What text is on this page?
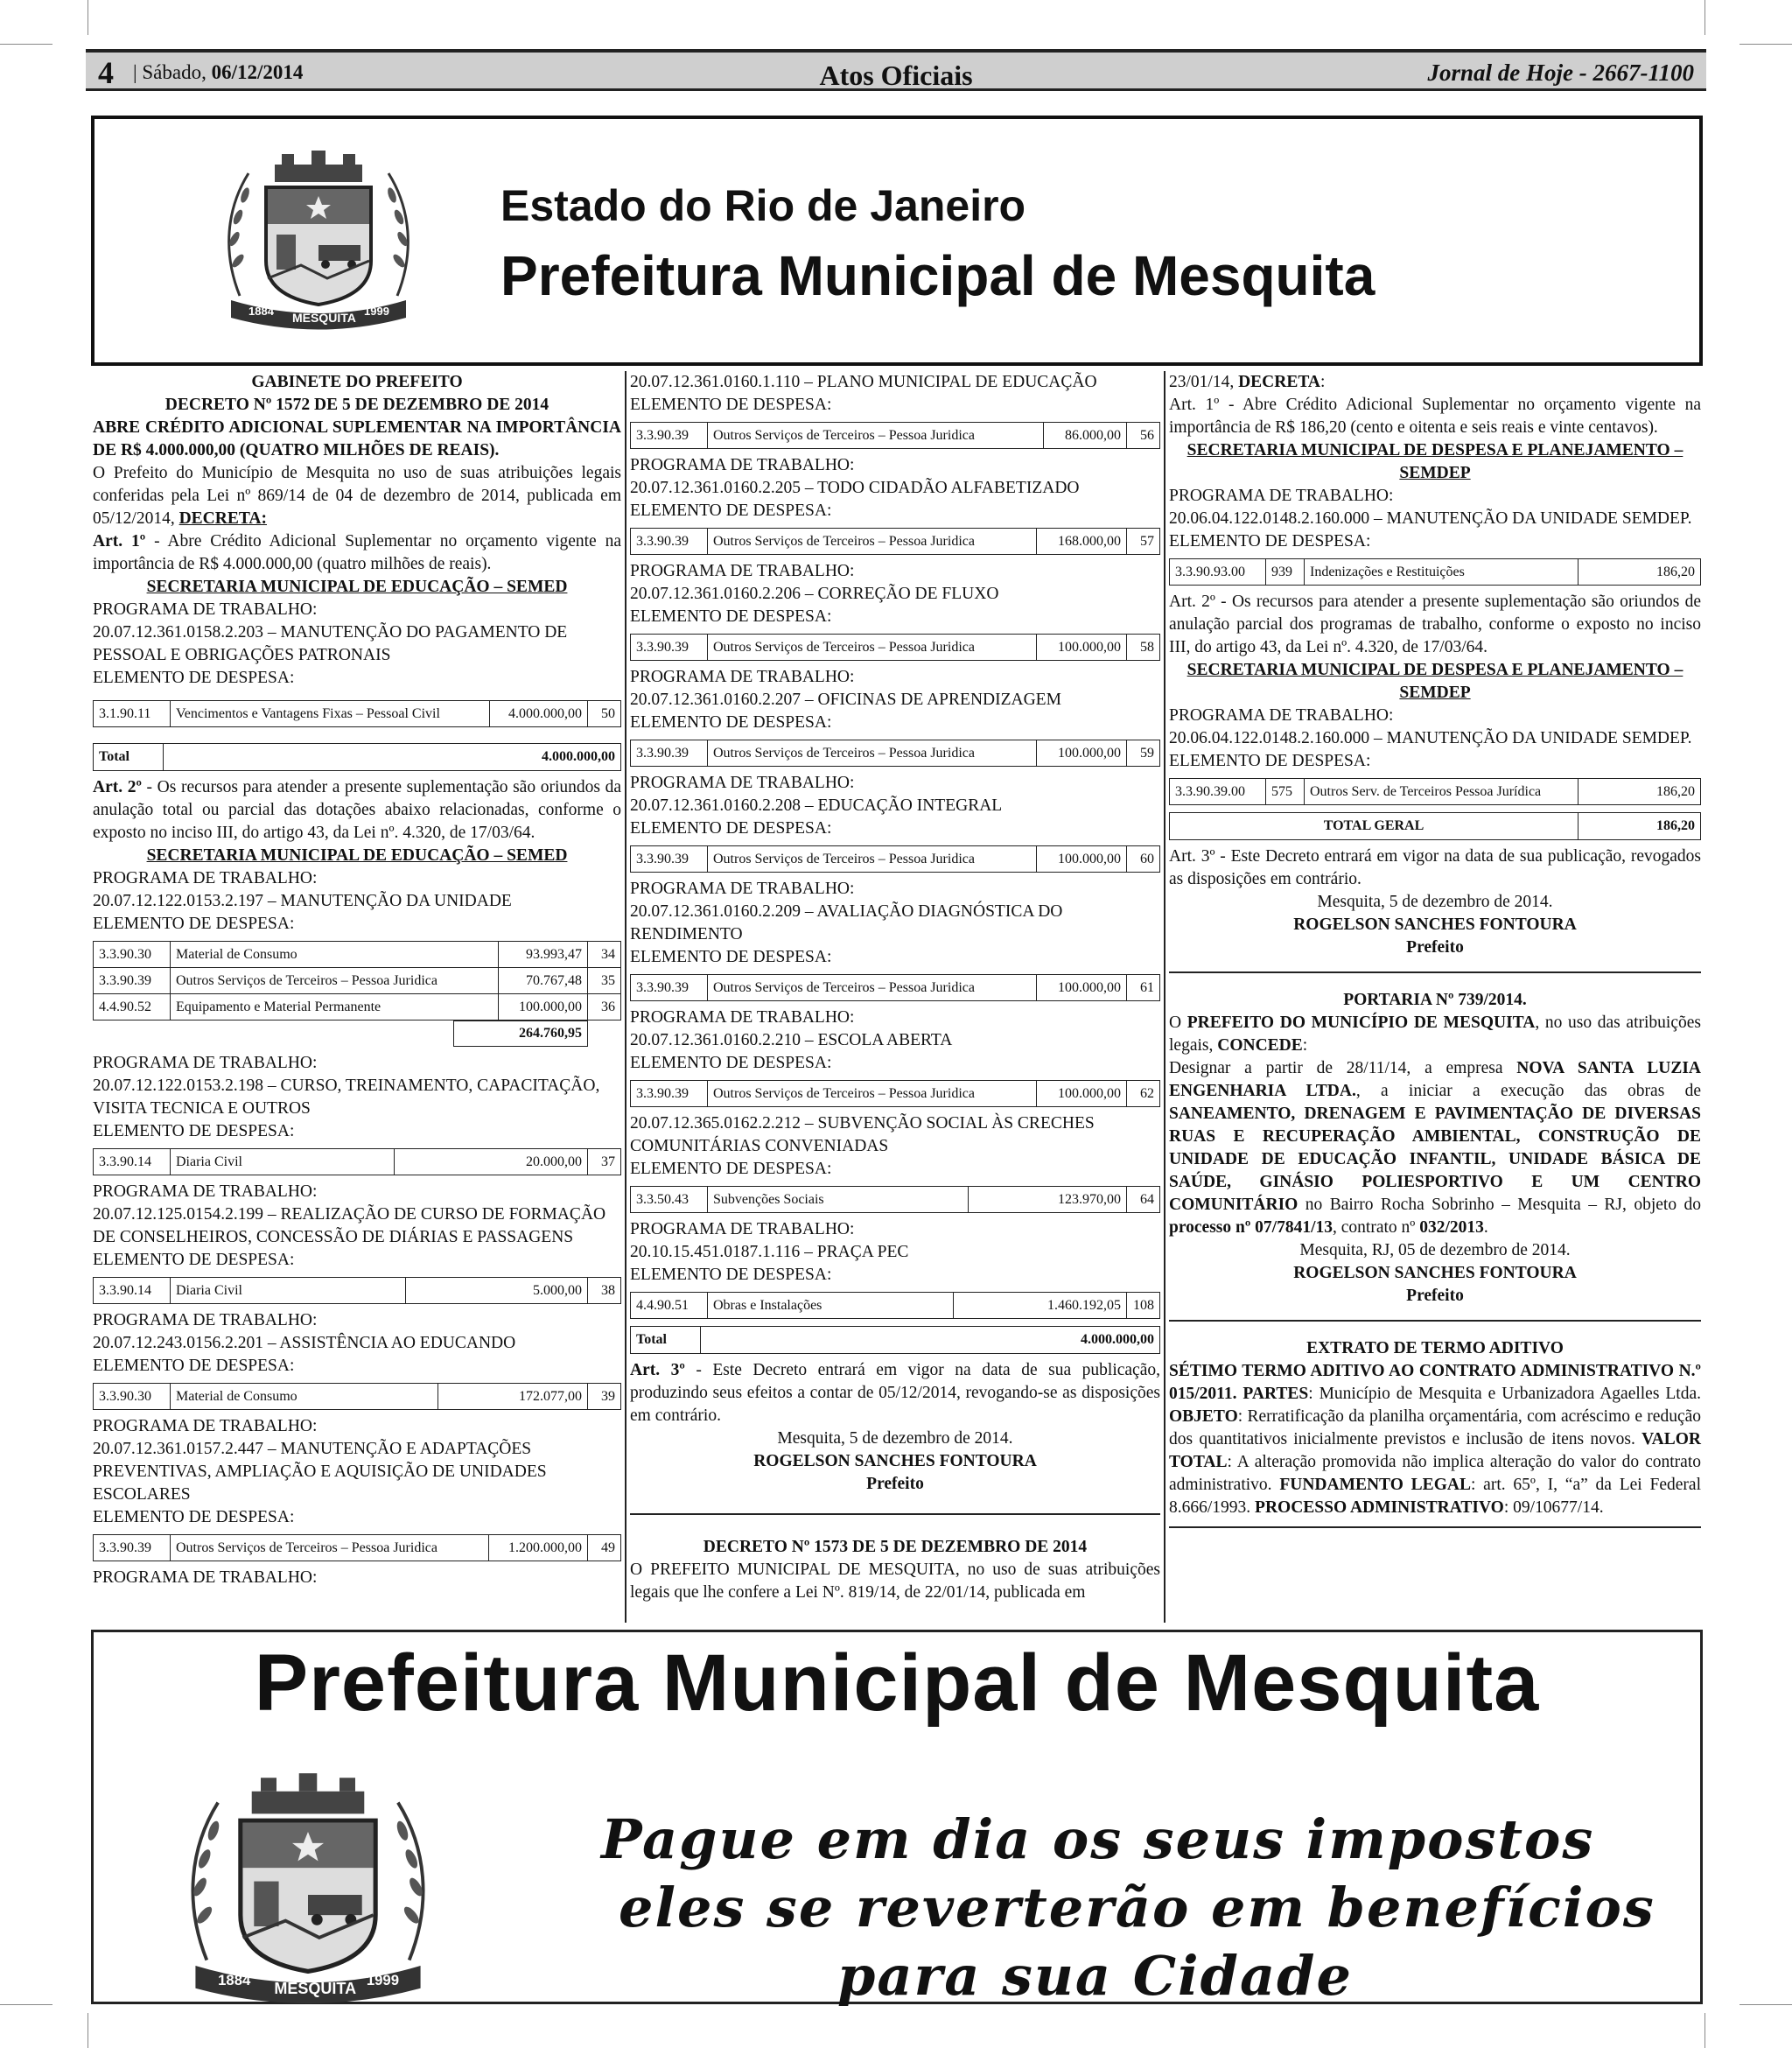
4 | Sábado, 06/12/2014	Atos Oficiais	Jornal de Hoje - 2667-1100
1884 MESQUITA 1999
Estado do Rio de Janeiro
Prefeitura Municipal de Mesquita
GABINETE DO PREFEITO
DECRETO Nº 1572 DE 5 DE DEZEMBRO DE 2014
ABRE CRÉDITO ADICIONAL SUPLEMENTAR NA IMPORTÂNCIA DE R$ 4.000.000,00 (QUATRO MILHÕES DE REAIS).
O Prefeito do Município de Mesquita no uso de suas atribuições legais conferidas pela Lei nº 869/14 de 04 de dezembro de 2014, publicada em 05/12/2014, DECRETA:
Art. 1º - Abre Crédito Adicional Suplementar no orçamento vigente na importância de R$ 4.000.000,00 (quatro milhões de reais).
SECRETARIA MUNICIPAL DE EDUCAÇÃO – SEMED
PROGRAMA DE TRABALHO:
20.07.12.361.0158.2.203 – MANUTENÇÃO DO PAGAMENTO DE PESSOAL E OBRIGAÇÕES PATRONAIS
ELEMENTO DE DESPESA:
3.1.90.11	Vencimentos e Vantagens Fixas – Pessoal Civil	4.000.000,00	50
Total	4.000.000,00
Art. 2º - Os recursos para atender a presente suplementação são oriundos da anulação total ou parcial das dotações abaixo relacionadas, conforme o exposto no inciso III, do artigo 43, da Lei nº. 4.320, de 17/03/64.
SECRETARIA MUNICIPAL DE EDUCAÇÃO – SEMED
PROGRAMA DE TRABALHO:
20.07.12.122.0153.2.197 – MANUTENÇÃO DA UNIDADE
ELEMENTO DE DESPESA:
3.3.90.30	Material de Consumo	93.993,47	34
3.3.90.39	Outros Serviços de Terceiros – Pessoa Juridica	70.767,48	35
4.4.90.52	Equipamento e Material Permanente	100.000,00	36
264.760,95
PROGRAMA DE TRABALHO:
20.07.12.122.0153.2.198 – CURSO, TREINAMENTO, CAPACITAÇÃO, VISITA TECNICA E OUTROS
ELEMENTO DE DESPESA:
3.3.90.14	Diaria Civil	20.000,00	37
PROGRAMA DE TRABALHO:
20.07.12.125.0154.2.199 – REALIZAÇÃO DE CURSO DE FORMAÇÃO DE CONSELHEIROS, CONCESSÃO DE DIÁRIAS E PASSAGENS
ELEMENTO DE DESPESA:
3.3.90.14	Diaria Civil	5.000,00	38
PROGRAMA DE TRABALHO:
20.07.12.243.0156.2.201 – ASSISTÊNCIA AO EDUCANDO
ELEMENTO DE DESPESA:
3.3.90.30	Material de Consumo	172.077,00	39
PROGRAMA DE TRABALHO:
20.07.12.361.0157.2.447 – MANUTENÇÃO E ADAPTAÇÕES PREVENTIVAS, AMPLIAÇÃO E AQUISIÇÃO DE UNIDADES ESCOLARES
ELEMENTO DE DESPESA:
3.3.90.39	Outros Serviços de Terceiros – Pessoa Juridica	1.200.000,00	49
PROGRAMA DE TRABALHO:
20.07.12.361.0160.1.110 – PLANO MUNICIPAL DE EDUCAÇÃO
ELEMENTO DE DESPESA:
3.3.90.39	Outros Serviços de Terceiros – Pessoa Juridica	86.000,00	56
PROGRAMA DE TRABALHO:
20.07.12.361.0160.2.205 – TODO CIDADÃO ALFABETIZADO
ELEMENTO DE DESPESA:
3.3.90.39	Outros Serviços de Terceiros – Pessoa Juridica	168.000,00	57
PROGRAMA DE TRABALHO:
20.07.12.361.0160.2.206 – CORREÇÃO DE FLUXO
ELEMENTO DE DESPESA:
3.3.90.39	Outros Serviços de Terceiros – Pessoa Juridica	100.000,00	58
PROGRAMA DE TRABALHO:
20.07.12.361.0160.2.207 – OFICINAS DE APRENDIZAGEM
ELEMENTO DE DESPESA:
3.3.90.39	Outros Serviços de Terceiros – Pessoa Juridica	100.000,00	59
PROGRAMA DE TRABALHO:
20.07.12.361.0160.2.208 – EDUCAÇÃO INTEGRAL
ELEMENTO DE DESPESA:
3.3.90.39	Outros Serviços de Terceiros – Pessoa Juridica	100.000,00	60
PROGRAMA DE TRABALHO:
20.07.12.361.0160.2.209 – AVALIAÇÃO DIAGNÓSTICA DO RENDIMENTO
ELEMENTO DE DESPESA:
3.3.90.39	Outros Serviços de Terceiros – Pessoa Juridica	100.000,00	61
PROGRAMA DE TRABALHO:
20.07.12.361.0160.2.210 – ESCOLA ABERTA
ELEMENTO DE DESPESA:
3.3.90.39	Outros Serviços de Terceiros – Pessoa Juridica	100.000,00	62
20.07.12.365.0162.2.212 – SUBVENÇÃO SOCIAL ÀS CRECHES COMUNITÁRIAS CONVENIADAS
ELEMENTO DE DESPESA:
3.3.50.43	Subvenções Sociais	123.970,00	64
PROGRAMA DE TRABALHO:
20.10.15.451.0187.1.116 – PRAÇA PEC
ELEMENTO DE DESPESA:
4.4.90.51	Obras e Instalações	1.460.192,05	108
Total	4.000.000,00
Art. 3º - Este Decreto entrará em vigor na data de sua publicação, produzindo seus efeitos a contar de 05/12/2014, revogando-se as disposições em contrário.
Mesquita, 5 de dezembro de 2014.
ROGELSON SANCHES FONTOURA
Prefeito
DECRETO Nº 1573 DE 5 DE DEZEMBRO DE 2014
O PREFEITO MUNICIPAL DE MESQUITA, no uso de suas atribuições legais que lhe confere a Lei Nº. 819/14, de 22/01/14, publicada em
23/01/14, DECRETA:
Art. 1º - Abre Crédito Adicional Suplementar no orçamento vigente na importância de R$ 186,20 (cento e oitenta e seis reais e vinte centavos).
SECRETARIA MUNICIPAL DE DESPESA E PLANEJAMENTO – SEMDEP
PROGRAMA DE TRABALHO:
20.06.04.122.0148.2.160.000 – MANUTENÇÃO DA UNIDADE SEMDEP.
ELEMENTO DE DESPESA:
3.3.90.93.00	939	Indenizações e Restituições	186,20
Art. 2º - Os recursos para atender a presente suplementação são oriundos de anulação parcial dos programas de trabalho, conforme o exposto no inciso III, do artigo 43, da Lei nº. 4.320, de 17/03/64.
SECRETARIA MUNICIPAL DE DESPESA E PLANEJAMENTO – SEMDEP
PROGRAMA DE TRABALHO:
20.06.04.122.0148.2.160.000 – MANUTENÇÃO DA UNIDADE SEMDEP.
ELEMENTO DE DESPESA:
3.3.90.39.00	575	Outros Serv. de Terceiros Pessoa Jurídica	186,20
TOTAL GERAL	186,20
Art. 3º - Este Decreto entrará em vigor na data de sua publicação, revogados as disposições em contrário.
Mesquita, 5 de dezembro de 2014.
ROGELSON SANCHES FONTOURA
Prefeito
PORTARIA Nº 739/2014.
O PREFEITO DO MUNICÍPIO DE MESQUITA, no uso das atribuições legais, CONCEDE:
Designar a partir de 28/11/14, a empresa NOVA SANTA LUZIA ENGENHARIA LTDA., a iniciar a execução das obras de SANEAMENTO, DRENAGEM E PAVIMENTAÇÃO DE DIVERSAS RUAS E RECUPERAÇÃO AMBIENTAL, CONSTRUÇÃO DE UNIDADE DE EDUCAÇÃO INFANTIL, UNIDADE BÁSICA DE SAÚDE, GINÁSIO POLIESPORTIVO E UM CENTRO COMUNITÁRIO no Bairro Rocha Sobrinho – Mesquita – RJ, objeto do processo nº 07/7841/13, contrato nº 032/2013.
Mesquita, RJ, 05 de dezembro de 2014.
ROGELSON SANCHES FONTOURA
Prefeito
EXTRATO DE TERMO ADITIVO
SÉTIMO TERMO ADITIVO AO CONTRATO ADMINISTRATIVO N.º 015/2011. PARTES: Município de Mesquita e Urbanizadora Agaelles Ltda. OBJETO: Rerratificação da planilha orçamentária, com acréscimo e redução dos quantitativos inicialmente previstos e inclusão de itens novos. VALOR TOTAL: A alteração promovida não implica alteração do valor do contrato administrativo. FUNDAMENTO LEGAL: art. 65º, I, “a” da Lei Federal 8.666/1993. PROCESSO ADMINISTRATIVO: 09/10677/14.
Prefeitura Municipal de Mesquita
1884 MESQUITA 1999
Pague em dia os seus impostos
eles se reverterão em benefícios
para sua Cidade
